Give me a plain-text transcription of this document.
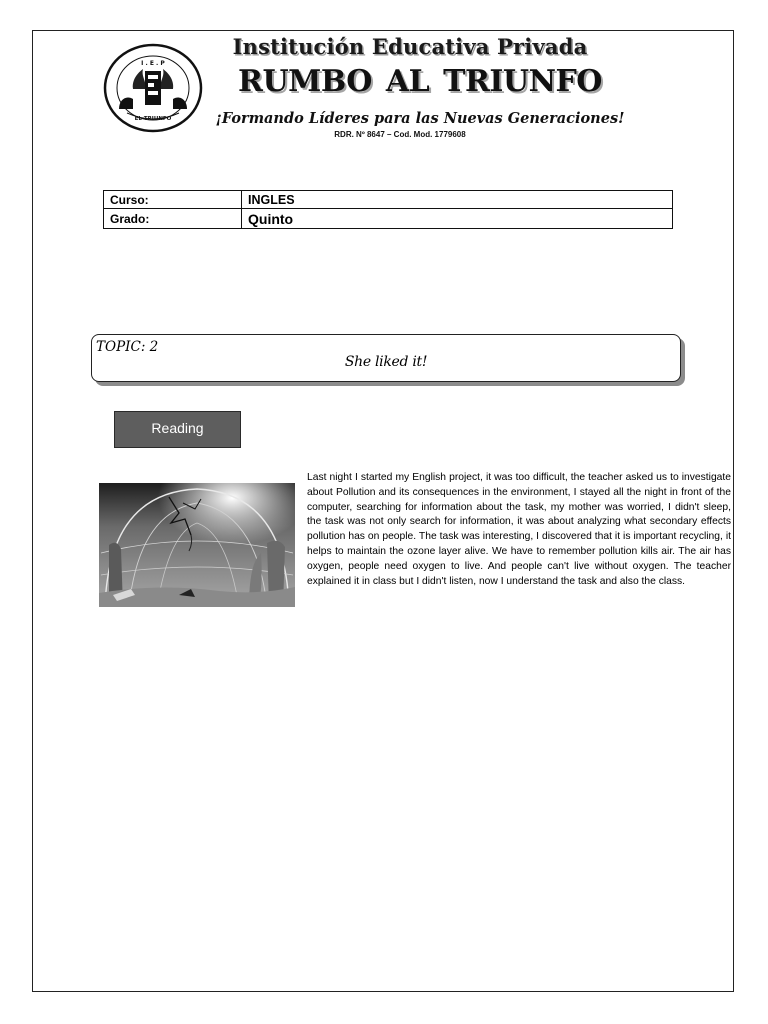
I . E . P
EL TRIUNFO
Institución Educativa Privada
RUMBO AL TRIUNFO
¡Formando Líderes para las Nuevas Generaciones!
RDR. Nº 8647 – Cod. Mod. 1779608
Curso:	INGLES
Grado:	Quinto
TOPIC: 2
She liked it!
Reading

Last night I started my English project, it was too difficult, the teacher asked us to investigate about Pollution and its consequences in the environment, I stayed all the night in front of the computer, searching for information about the task, my mother was worried, I didn't sleep, the task was not only search for information, it was about analyzing what secondary effects pollution has on people. The task was interesting, I discovered that it is important recycling, it helps to maintain the ozone layer alive. We have to remember pollution kills air. The air has oxygen, people need oxygen to live. And people can't live without oxygen. The teacher explained it in class but I didn't listen, now I understand the task and also the class.
